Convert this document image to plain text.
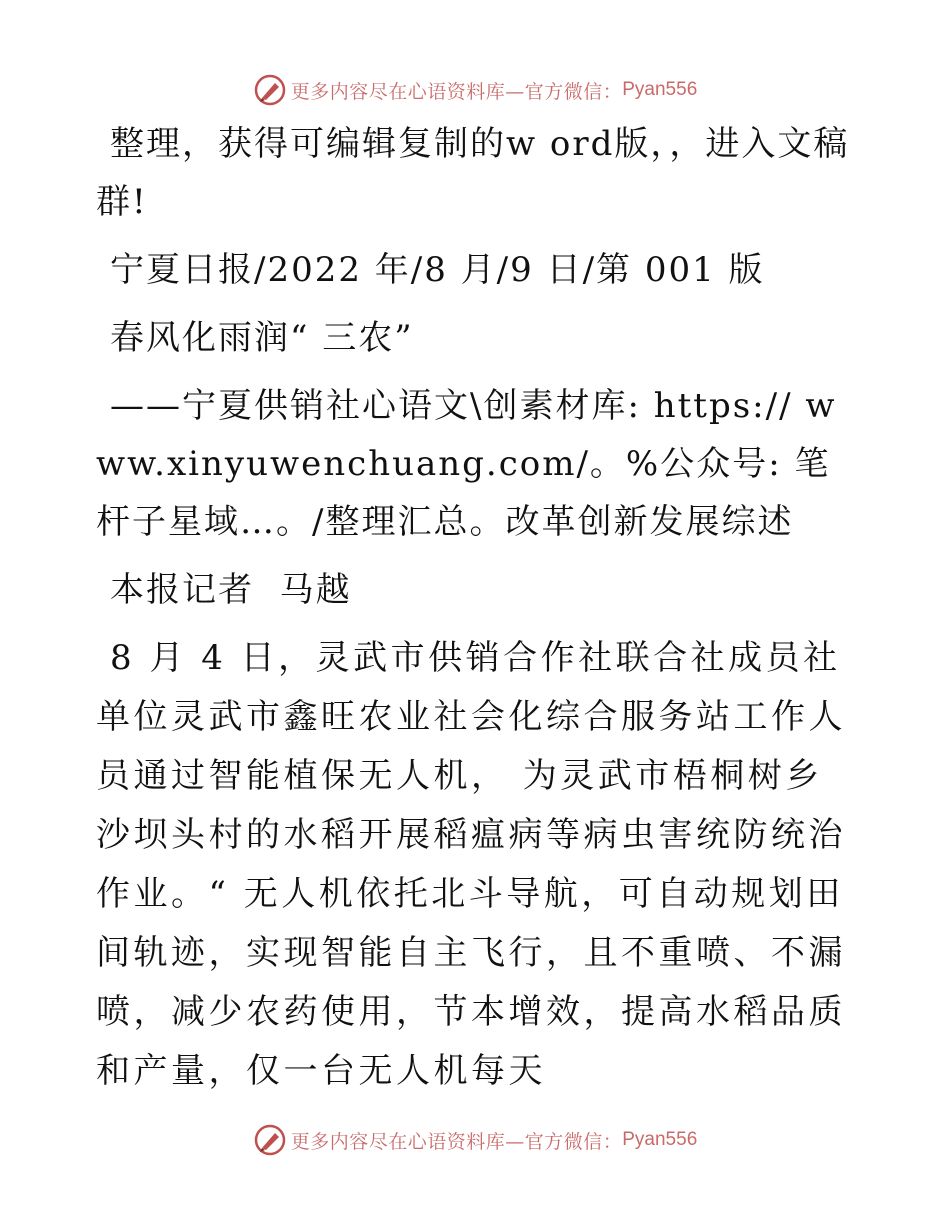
更多内容尽在心语资料库—官方微信： Pyan556

整理，获得可编辑复制的w ord版，，进入文稿群!

宁夏日报/2022 年/8 月/9 日/第 001 版

春风化雨润“ 三农”

——宁夏供销社心语文\创素材库: https:// www.xinyuwenchuang.com/。%公众号: 笔杆子星域…。/整理汇总。改革创新发展综述

本报记者  马越

8 月 4 日，灵武市供销合作社联合社成员社单位灵武市鑫旺农业社会化综合服务站工作人员通过智能植保无人机， 为灵武市梧桐树乡沙坝头村的水稻开展稻瘟病等病虫害统防统治作业。“ 无人机依托北斗导航，可自动规划田间轨迹，实现智能自主飞行，且不重喷、不漏喷，减少农药使用，节本增效，提高水稻品质和产量，仅一台无人机每天

更多内容尽在心语资料库—官方微信： Pyan556
